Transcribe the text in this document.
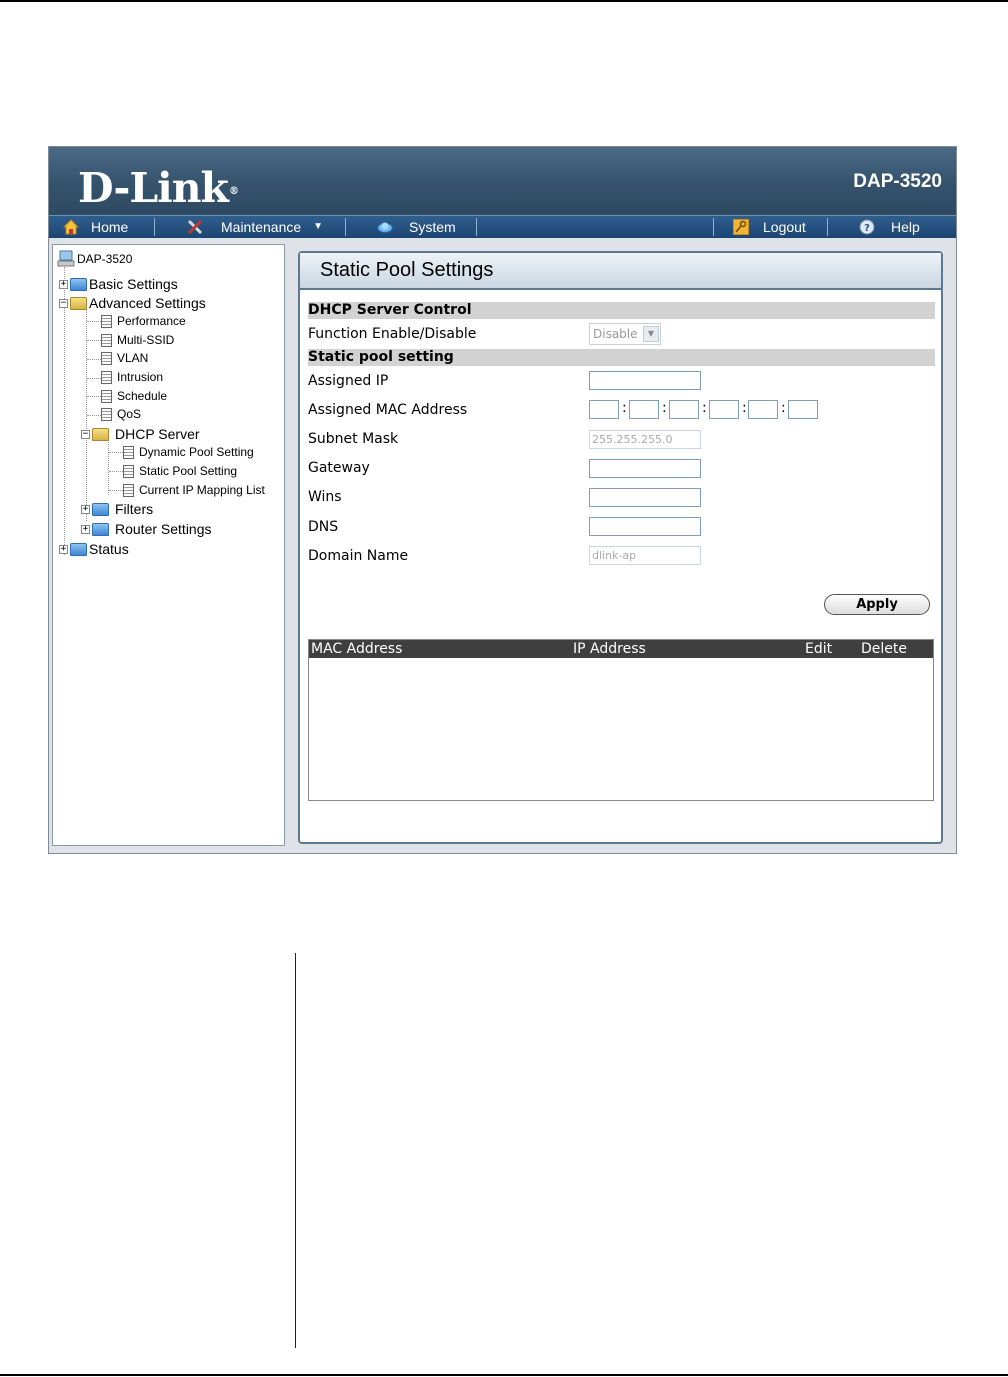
D-Link®	DAP-3520
Home	Maintenance ▼	System	Logout	? Help
DAP-3520
+ Basic Settings
− Advanced Settings
Performance
Multi-SSID
VLAN
Intrusion
Schedule
QoS
− DHCP Server
Dynamic Pool Setting
Static Pool Setting
Current IP Mapping List
+ Filters
+ Router Settings
+ Status
Static Pool Settings
DHCP Server Control
Function Enable/Disable	Disable	▼
Static pool setting
Assigned IP
Assigned MAC Address	:	:	:	: :
Subnet Mask	255.255.255.0
Gateway
Wins
DNS
Domain Name	dlink-ap
Apply
MAC Address	IP Address	Edit Delete
